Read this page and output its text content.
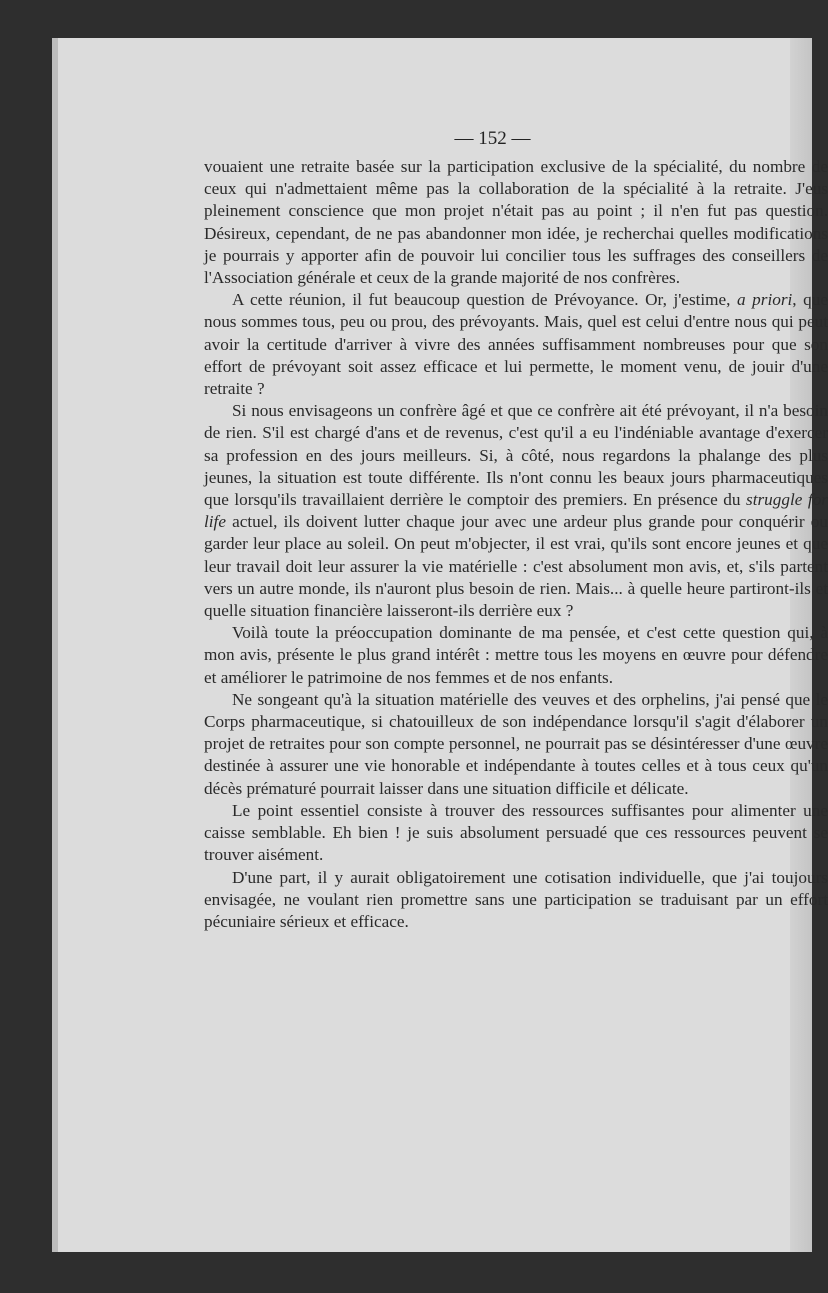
— 152 —

vouaient une retraite basée sur la participation exclusive de la spécialité, du nombre de ceux qui n'admettaient même pas la collaboration de la spécialité à la retraite. J'eus pleinement conscience que mon projet n'était pas au point ; il n'en fut pas question. Désireux, cependant, de ne pas abandonner mon idée, je recherchai quelles modifications je pourrais y apporter afin de pouvoir lui concilier tous les suffrages des conseillers de l'Association générale et ceux de la grande majorité de nos confrères.

A cette réunion, il fut beaucoup question de Prévoyance. Or, j'estime, a priori, que nous sommes tous, peu ou prou, des prévoyants. Mais, quel est celui d'entre nous qui peut avoir la certitude d'arriver à vivre des années suffisamment nombreuses pour que son effort de prévoyant soit assez efficace et lui permette, le moment venu, de jouir d'une retraite ?

Si nous envisageons un confrère âgé et que ce confrère ait été prévoyant, il n'a besoin de rien. S'il est chargé d'ans et de revenus, c'est qu'il a eu l'indéniable avantage d'exercer sa profession en des jours meilleurs. Si, à côté, nous regardons la phalange des plus jeunes, la situation est toute différente. Ils n'ont connu les beaux jours pharmaceutiques que lorsqu'ils travaillaient derrière le comptoir des premiers. En présence du struggle for life actuel, ils doivent lutter chaque jour avec une ardeur plus grande pour conquérir ou garder leur place au soleil. On peut m'objecter, il est vrai, qu'ils sont encore jeunes et que leur travail doit leur assurer la vie matérielle : c'est absolument mon avis, et, s'ils partent vers un autre monde, ils n'auront plus besoin de rien. Mais... à quelle heure partiront-ils et quelle situation financière laisseront-ils derrière eux ?

Voilà toute la préoccupation dominante de ma pensée, et c'est cette question qui, à mon avis, présente le plus grand intérêt : mettre tous les moyens en œuvre pour défendre et améliorer le patrimoine de nos femmes et de nos enfants.

Ne songeant qu'à la situation matérielle des veuves et des orphelins, j'ai pensé que le Corps pharmaceutique, si chatouilleux de son indépendance lorsqu'il s'agit d'élaborer un projet de retraites pour son compte personnel, ne pourrait pas se désintéresser d'une œuvre destinée à assurer une vie honorable et indépendante à toutes celles et à tous ceux qu'un décès prématuré pourrait laisser dans une situation difficile et délicate.

Le point essentiel consiste à trouver des ressources suffisantes pour alimenter une caisse semblable. Eh bien ! je suis absolument persuadé que ces ressources peuvent se trouver aisément.

D'une part, il y aurait obligatoirement une cotisation individuelle, que j'ai toujours envisagée, ne voulant rien promettre sans une participation se traduisant par un effort pécuniaire sérieux et efficace.
